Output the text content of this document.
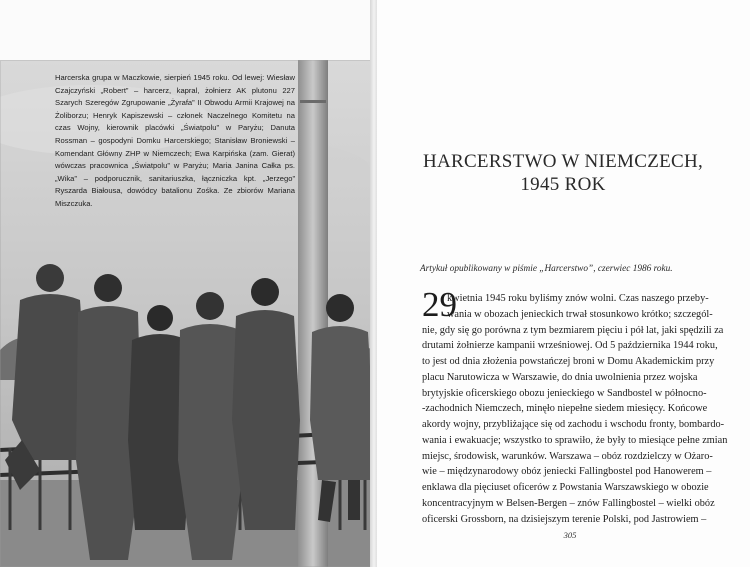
Harcerska grupa w Maczkowie, sierpień 1945 roku. Od lewej: Wiesław Czajczyński „Robert” – harcerz, kapral, żołnierz AK plutonu 227 Szarych Szeregów Zgrupowanie „Żyrafa” II Obwodu Armii Krajowej na Żoliborzu; Henryk Kapiszewski – członek Naczelnego Komitetu na czas Wojny, kierownik placówki „Światpolu” w Paryżu; Danuta Rossman – gospodyni Domku Harcerskiego; Stanisław Broniewski – Komendant Główny ZHP w Niemczech; Ewa Karpińska (zam. Gierat) wówczas pracownica „Światpolu” w Paryżu; Maria Janina Całka ps. „Wika” – podporucznik, sanitariuszka, łączniczka kpt. „Jerzego” Ryszarda Białousa, dowódcy batalionu Zośka. Ze zbiorów Mariana Miszczuka.

HARCERSTWO W NIEMCZECH,
1945 ROK

Artykuł opublikowany w piśmie „Harcerstwo”, czerwiec 1986 roku.

29
kwietnia 1945 roku byliśmy znów wolni. Czas naszego przeby-
wania w obozach jenieckich trwał stosunkowo krótko; szczegól-
nie, gdy się go porówna z tym bezmiarem pięciu i pół lat, jaki spędzili za
drutami żołnierze kampanii wrześniowej. Od 5 października 1944 roku,
to jest od dnia złożenia powstańczej broni w Domu Akademickim przy
placu Narutowicza w Warszawie, do dnia uwolnienia przez wojska
brytyjskie oficerskiego obozu jenieckiego w Sandbostel w północno-
-zachodnich Niemczech, minęło niepełne siedem miesięcy. Końcowe
akordy wojny, przybliżające się od zachodu i wschodu fronty, bombardo-
wania i ewakuacje; wszystko to sprawiło, że były to miesiące pełne zmian
miejsc, środowisk, warunków. Warszawa – obóz rozdzielczy w Ożaro-
wie – międzynarodowy obóz jeniecki Fallingbostel pod Hanowerem –
enklawa dla pięciuset oficerów z Powstania Warszawskiego w obozie
koncentracyjnym w Belsen-Bergen – znów Fallingbostel – wielki obóz
oficerski Grossborn, na dzisiejszym terenie Polski, pod Jastrowiem –

305
